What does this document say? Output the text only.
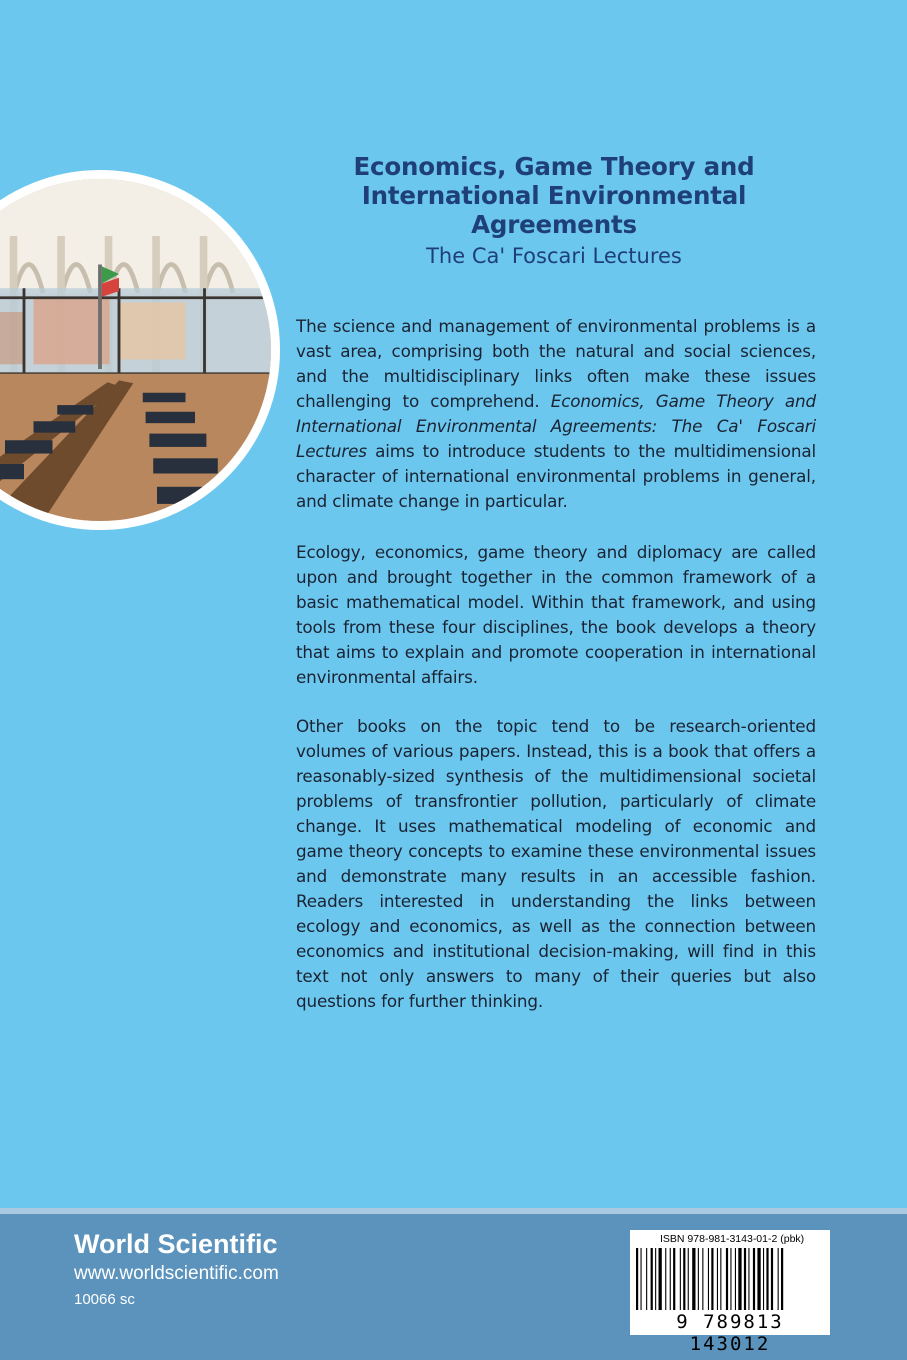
Economics, Game Theory and International Environmental Agreements

The Ca' Foscari Lectures

The science and management of environmental problems is a vast area, comprising both the natural and social sciences, and the multidisciplinary links often make these issues challenging to comprehend. Economics, Game Theory and International Environmental Agreements: The Ca' Foscari Lectures aims to introduce students to the multidimensional character of international environmental problems in general, and climate change in particular.

Ecology, economics, game theory and diplomacy are called upon and brought together in the common framework of a basic mathematical model. Within that framework, and using tools from these four disciplines, the book develops a theory that aims to explain and promote cooperation in international environmental affairs.

Other books on the topic tend to be research-oriented volumes of various papers. Instead, this is a book that offers a reasonably-sized synthesis of the multidimensional societal problems of transfrontier pollution, particularly of climate change. It uses mathematical modeling of economic and game theory concepts to examine these environmental issues and demonstrate many results in an accessible fashion. Readers interested in understanding the links between ecology and economics, as well as the connection between economics and institutional decision-making, will find in this text not only answers to many of their queries but also questions for further thinking.

World Scientific
www.worldscientific.com
10066 sc
ISBN 978-981-3143-01-2 (pbk)
9 789813 143012
